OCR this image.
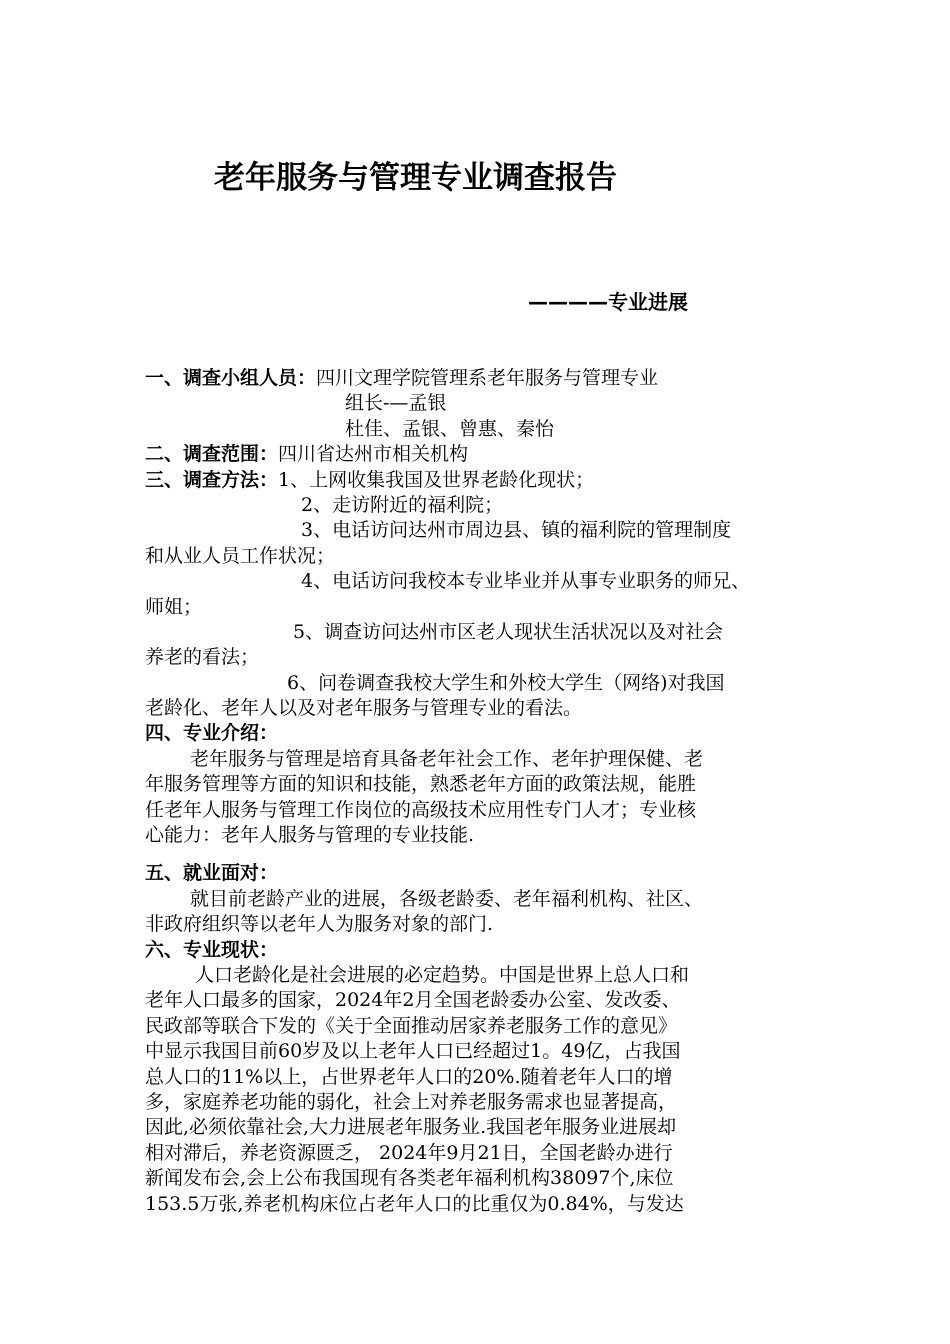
老年服务与管理专业调查报告
————专业进展
一、调查小组人员：四川文理学院管理系老年服务与管理专业
组长-—孟银
杜佳、孟银、曾惠、秦怡
二、调查范围：四川省达州市相关机构
三、调查方法：1、上网收集我国及世界老龄化现状；
2、走访附近的福利院；
3、电话访问达州市周边县、镇的福利院的管理制度
和从业人员工作状况；
4、电话访问我校本专业毕业并从事专业职务的师兄、
师姐；
5、调查访问达州市区老人现状生活状况以及对社会
养老的看法；
6、问卷调查我校大学生和外校大学生（网络)对我国
老龄化、老年人以及对老年服务与管理专业的看法。
四、专业介绍：
老年服务与管理是培育具备老年社会工作、老年护理保健、老
年服务管理等方面的知识和技能，熟悉老年方面的政策法规，能胜
任老年人服务与管理工作岗位的高级技术应用性专门人才；专业核
心能力：老年人服务与管理的专业技能.
五、就业面对：
就目前老龄产业的进展，各级老龄委、老年福利机构、社区、
非政府组织等以老年人为服务对象的部门.
六、专业现状：
人口老龄化是社会进展的必定趋势。中国是世界上总人口和
老年人口最多的国家，2024年2月全国老龄委办公室、发改委、
民政部等联合下发的《关于全面推动居家养老服务工作的意见》
中显示我国目前60岁及以上老年人口已经超过1。49亿，占我国
总人口的11%以上，占世界老年人口的20%.随着老年人口的增
多，家庭养老功能的弱化，社会上对养老服务需求也显著提高，
因此,必须依靠社会,大力进展老年服务业.我国老年服务业进展却
相对滞后，养老资源匮乏， 2024年9月21日，全国老龄办进行
新闻发布会,会上公布我国现有各类老年福利机构38097个,床位
153.5万张,养老机构床位占老年人口的比重仅为0.84%，与发达
